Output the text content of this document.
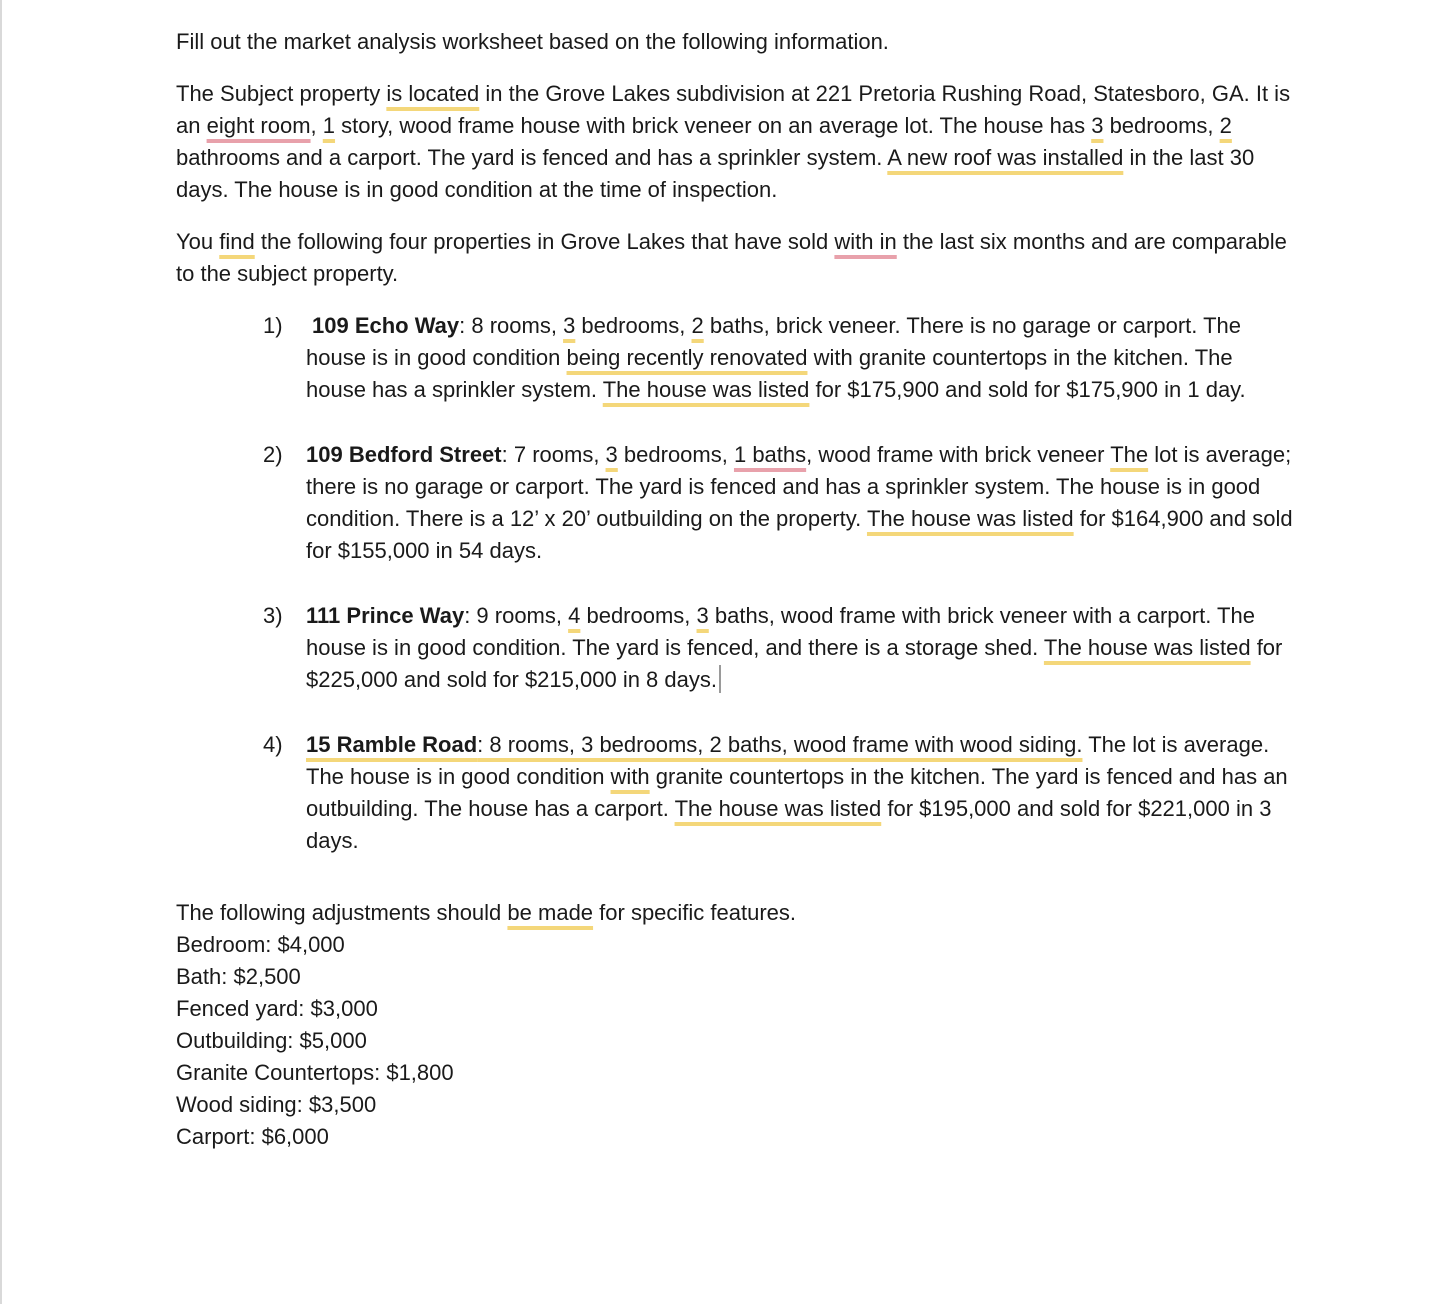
Fill out the market analysis worksheet based on the following information.

The Subject property is located in the Grove Lakes subdivision at 221 Pretoria Rushing Road, Statesboro, GA. It is an eight room, 1 story, wood frame house with brick veneer on an average lot. The house has 3 bedrooms, 2 bathrooms and a carport. The yard is fenced and has a sprinkler system. A new roof was installed in the last 30 days. The house is in good condition at the time of inspection.

You find the following four properties in Grove Lakes that have sold with in the last six months and are comparable to the subject property.

1)	109 Echo Way: 8 rooms, 3 bedrooms, 2 baths, brick veneer. There is no garage or carport. The house is in good condition being recently renovated with granite countertops in the kitchen. The house has a sprinkler system. The house was listed for $175,900 and sold for $175,900 in 1 day.
2)	109 Bedford Street: 7 rooms, 3 bedrooms, 1 baths, wood frame with brick veneer The lot is average; there is no garage or carport. The yard is fenced and has a sprinkler system. The house is in good condition. There is a 12’ x 20’ outbuilding on the property. The house was listed for $164,900 and sold for $155,000 in 54 days.
3)	111 Prince Way: 9 rooms, 4 bedrooms, 3 baths, wood frame with brick veneer with a carport. The house is in good condition. The yard is fenced, and there is a storage shed. The house was listed for $225,000 and sold for $215,000 in 8 days.
4)	15 Ramble Road: 8 rooms, 3 bedrooms, 2 baths, wood frame with wood siding. The lot is average. The house is in good condition with granite countertops in the kitchen. The yard is fenced and has an outbuilding. The house has a carport. The house was listed for $195,000 and sold for $221,000 in 3 days.

The following adjustments should be made for specific features.

Bedroom: $4,000

Bath: $2,500

Fenced yard: $3,000

Outbuilding: $5,000

Granite Countertops: $1,800

Wood siding: $3,500

Carport: $6,000
